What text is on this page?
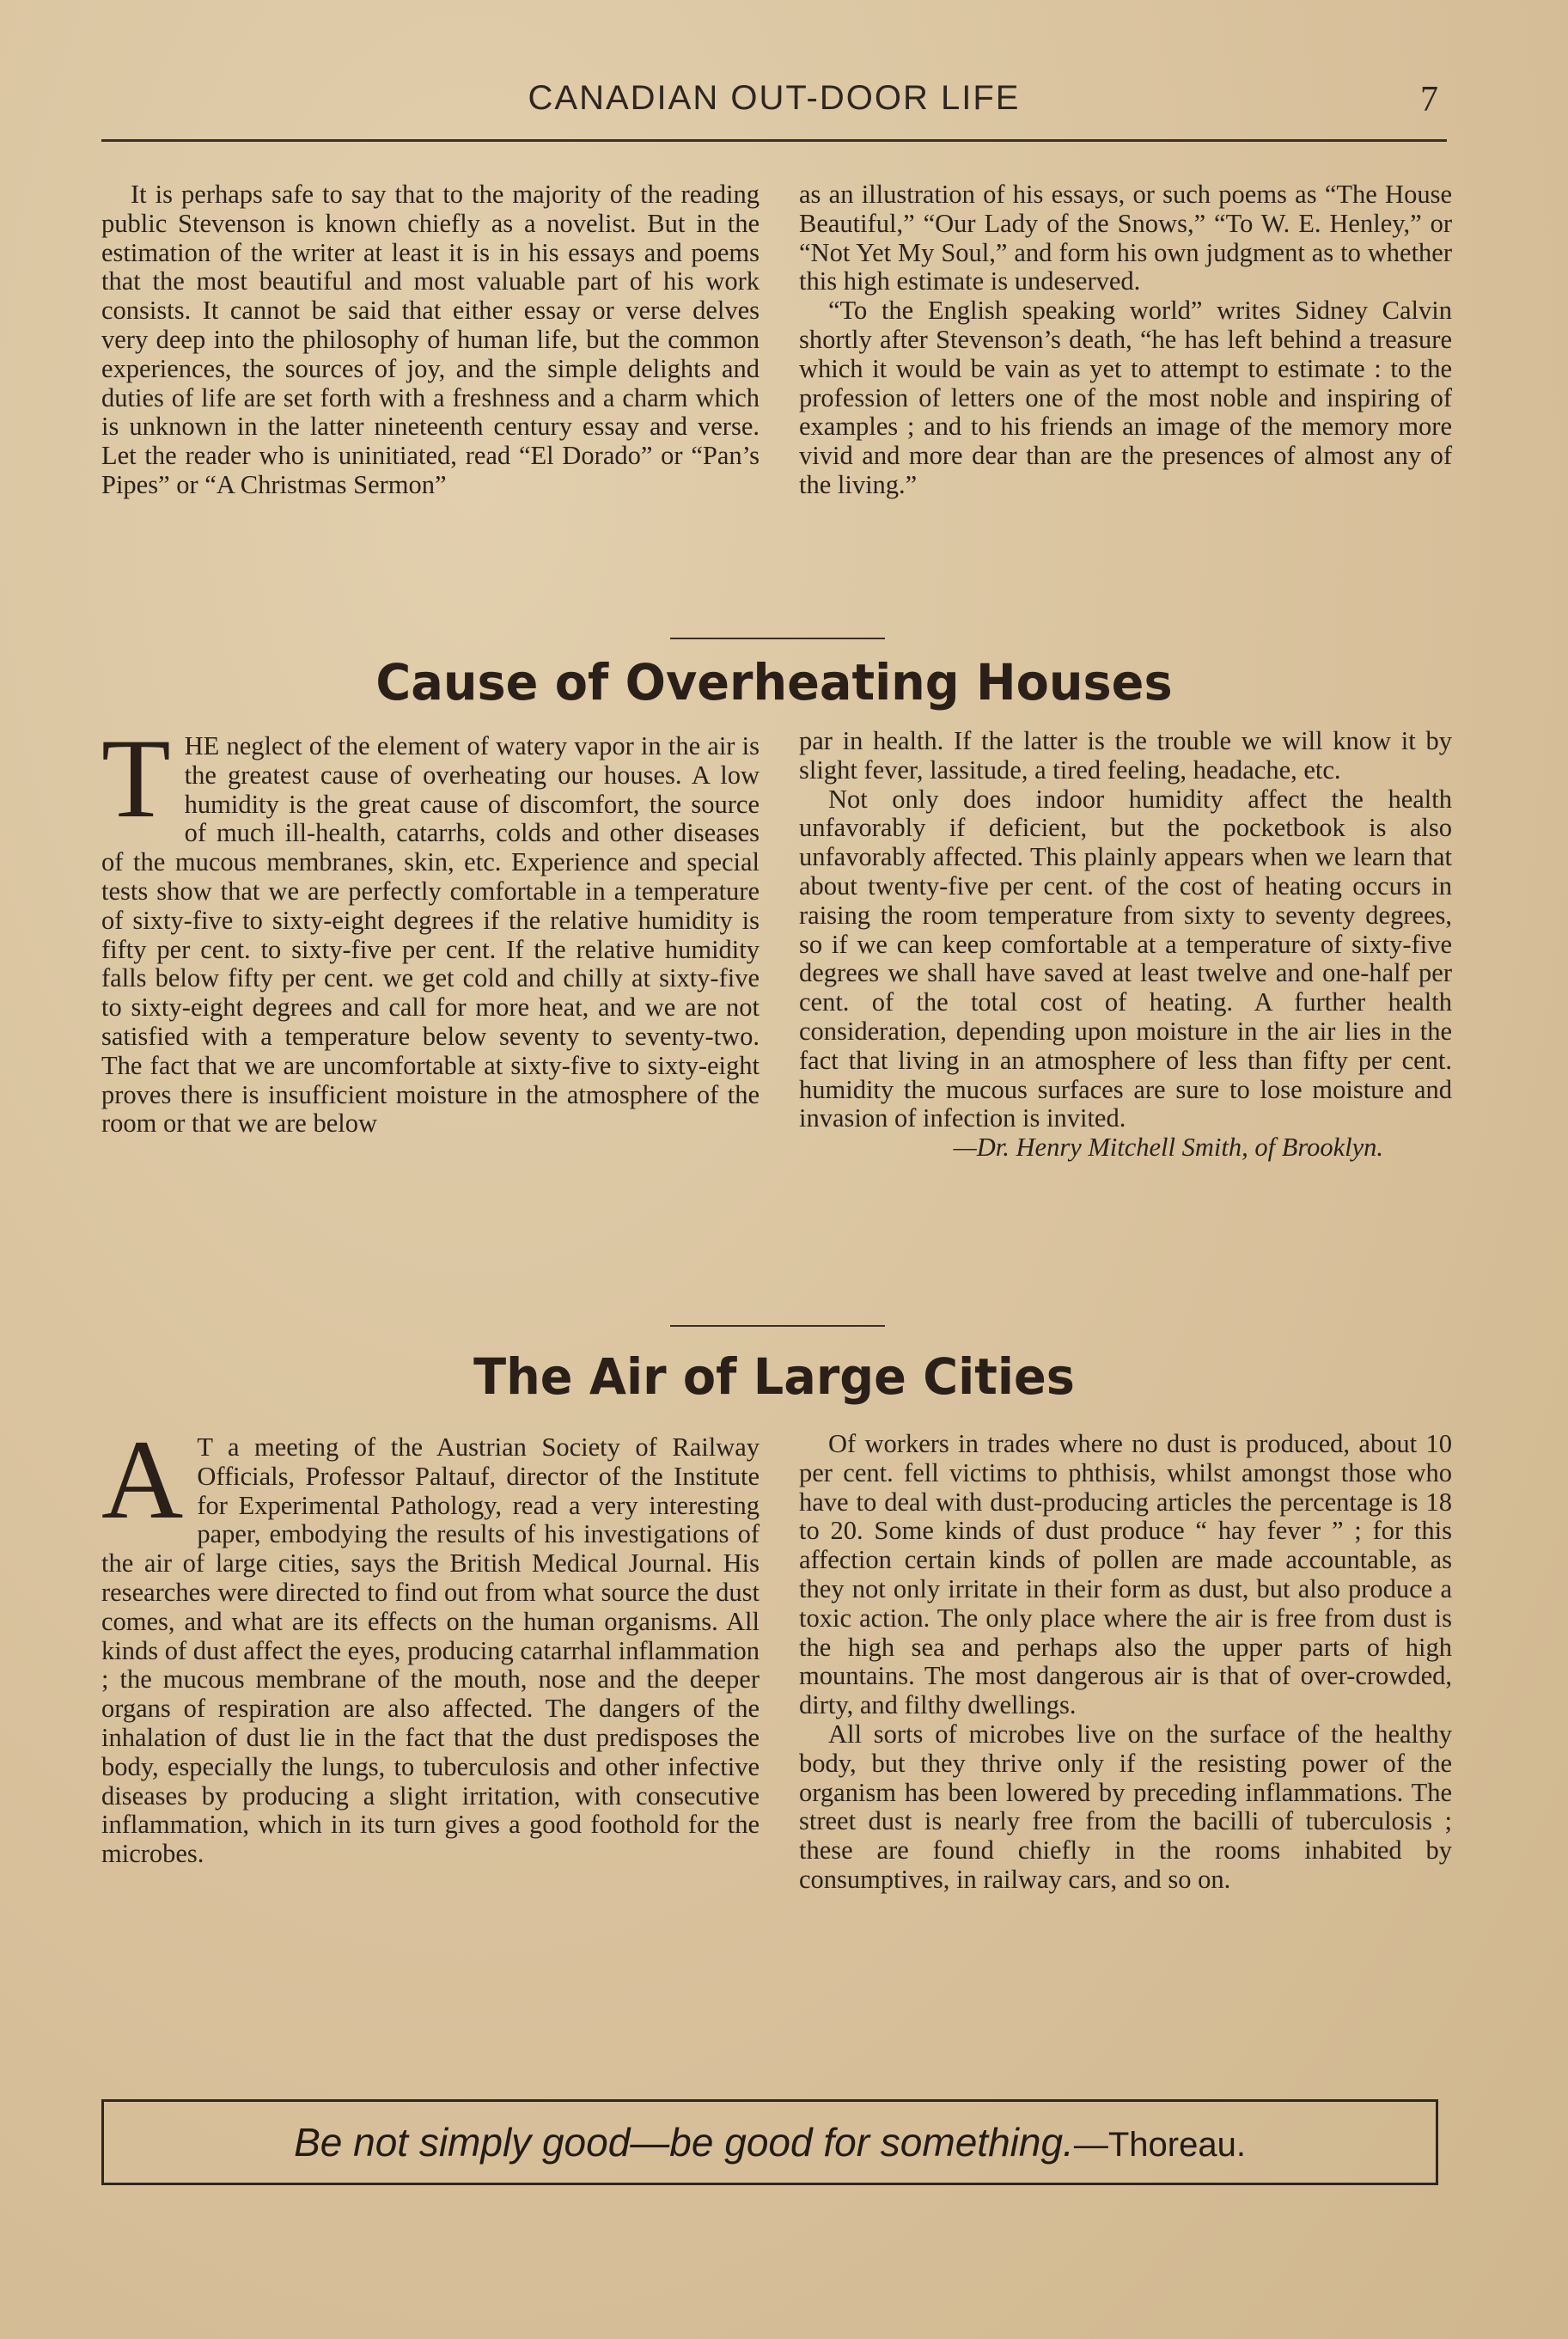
CANADIAN OUT-DOOR LIFE	7

It is perhaps safe to say that to the majority of the reading public Stevenson is known chiefly as a novelist. But in the estimation of the writer at least it is in his essays and poems that the most beautiful and most valuable part of his work consists. It cannot be said that either essay or verse delves very deep into the philosophy of human life, but the common experiences, the sources of joy, and the simple delights and duties of life are set forth with a freshness and a charm which is unknown in the latter nineteenth century essay and verse. Let the reader who is uninitiated, read “El Dorado” or “Pan’s Pipes” or “A Christmas Sermon”

as an illustration of his essays, or such poems as “The House Beautiful,” “Our Lady of the Snows,” “To W. E. Henley,” or “Not Yet My Soul,” and form his own judgment as to whether this high estimate is undeserved.

“To the English speaking world” writes Sidney Calvin shortly after Stevenson’s death, “he has left behind a treasure which it would be vain as yet to attempt to estimate : to the profession of letters one of the most noble and inspiring of examples ; and to his friends an image of the memory more vivid and more dear than are the presences of almost any of the living.”

Cause of Overheating Houses

THE neglect of the element of watery vapor in the air is the greatest cause of overheating our houses. A low humidity is the great cause of discomfort, the source of much ill-health, catarrhs, colds and other diseases of the mucous membranes, skin, etc. Experience and special tests show that we are perfectly comfortable in a temperature of sixty-five to sixty-eight degrees if the relative humidity is fifty per cent. to sixty-five per cent. If the relative humidity falls below fifty per cent. we get cold and chilly at sixty-five to sixty-eight degrees and call for more heat, and we are not satisfied with a temperature below seventy to seventy-two. The fact that we are uncomfortable at sixty-five to sixty-eight proves there is insufficient moisture in the atmosphere of the room or that we are below

par in health. If the latter is the trouble we will know it by slight fever, lassitude, a tired feeling, headache, etc.

Not only does indoor humidity affect the health unfavorably if deficient, but the pocketbook is also unfavorably affected. This plainly appears when we learn that about twenty-five per cent. of the cost of heating occurs in raising the room temperature from sixty to seventy degrees, so if we can keep comfortable at a temperature of sixty-five degrees we shall have saved at least twelve and one-half per cent. of the total cost of heating. A further health consideration, depending upon moisture in the air lies in the fact that living in an atmosphere of less than fifty per cent. humidity the mucous surfaces are sure to lose moisture and invasion of infection is invited.

—Dr. Henry Mitchell Smith, of Brooklyn.

The Air of Large Cities

A T a meeting of the Austrian Society of Railway Officials, Professor Paltauf, director of the Institute for Experimental Pathology, read a very interesting paper, embodying the results of his investigations of the air of large cities, says the British Medical Journal. His researches were directed to find out from what source the dust comes, and what are its effects on the human organisms. All kinds of dust affect the eyes, producing catarrhal inflammation ; the mucous membrane of the mouth, nose and the deeper organs of respiration are also affected. The dangers of the inhalation of dust lie in the fact that the dust predisposes the body, especially the lungs, to tuberculosis and other infective diseases by producing a slight irritation, with consecutive inflammation, which in its turn gives a good foothold for the microbes.

Of workers in trades where no dust is produced, about 10 per cent. fell victims to phthisis, whilst amongst those who have to deal with dust-producing articles the percentage is 18 to 20. Some kinds of dust produce “ hay fever ” ; for this affection certain kinds of pollen are made accountable, as they not only irritate in their form as dust, but also produce a toxic action. The only place where the air is free from dust is the high sea and perhaps also the upper parts of high mountains. The most dangerous air is that of over-crowded, dirty, and filthy dwellings.

All sorts of microbes live on the surface of the healthy body, but they thrive only if the resisting power of the organism has been lowered by preceding inflammations. The street dust is nearly free from the bacilli of tuberculosis ; these are found chiefly in the rooms inhabited by consumptives, in railway cars, and so on.

Be not simply good—be good for something.—Thoreau.
